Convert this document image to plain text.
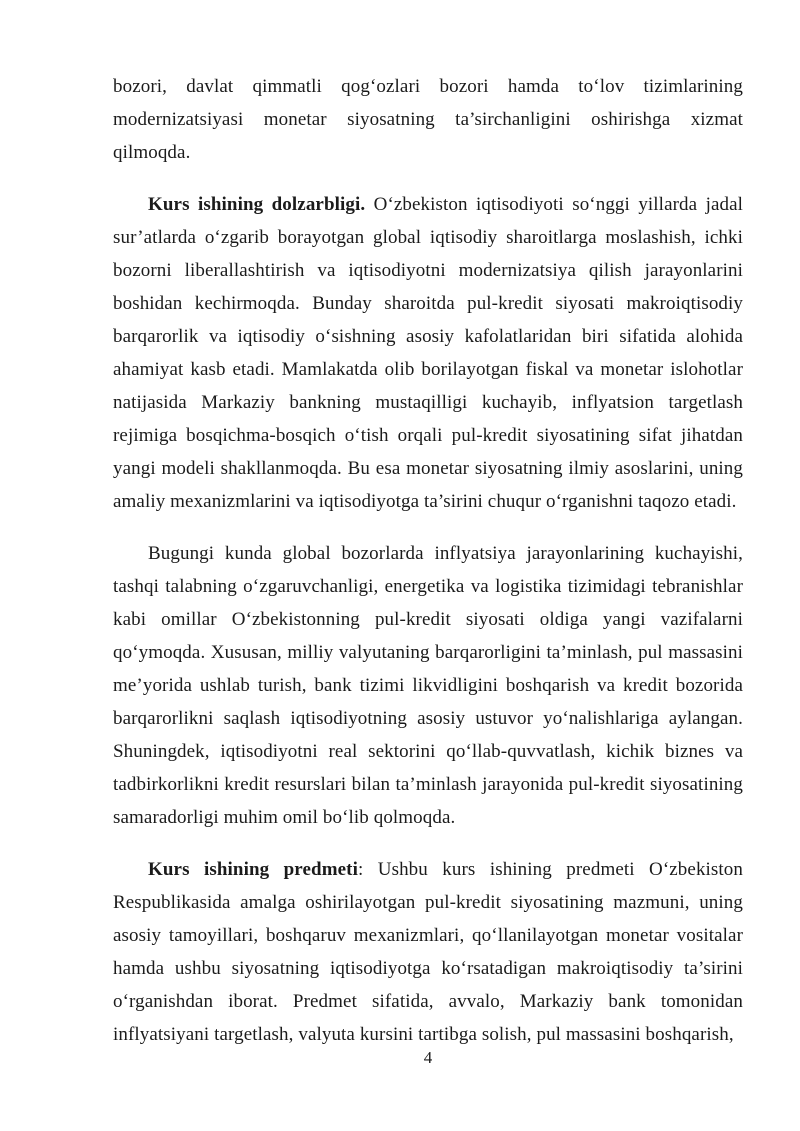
bozori, davlat qimmatli qog‘ozlari bozori hamda to‘lov tizimlarining modernizatsiyasi monetar siyosatning ta’sirchanligini oshirishga xizmat qilmoqda.

Kurs ishining dolzarbligi. O‘zbekiston iqtisodiyoti so‘nggi yillarda jadal sur’atlarda o‘zgarib borayotgan global iqtisodiy sharoitlarga moslashish, ichki bozorni liberallashtirish va iqtisodiyotni modernizatsiya qilish jarayonlarini boshidan kechirmoqda. Bunday sharoitda pul-kredit siyosati makroiqtisodiy barqarorlik va iqtisodiy o‘sishning asosiy kafolatlaridan biri sifatida alohida ahamiyat kasb etadi. Mamlakatda olib borilayotgan fiskal va monetar islohotlar natijasida Markaziy bankning mustaqilligi kuchayib, inflyatsion targetlash rejimiga bosqichma-bosqich o‘tish orqali pul-kredit siyosatining sifat jihatdan yangi modeli shakllanmoqda. Bu esa monetar siyosatning ilmiy asoslarini, uning amaliy mexanizmlarini va iqtisodiyotga ta’sirini chuqur o‘rganishni taqozo etadi.

Bugungi kunda global bozorlarda inflyatsiya jarayonlarining kuchayishi, tashqi talabning o‘zgaruvchanligi, energetika va logistika tizimidagi tebranishlar kabi omillar O‘zbekistonning pul-kredit siyosati oldiga yangi vazifalarni qo‘ymoqda. Xususan, milliy valyutaning barqarorligini ta’minlash, pul massasini me’yorida ushlab turish, bank tizimi likvidligini boshqarish va kredit bozorida barqarorlikni saqlash iqtisodiyotning asosiy ustuvor yo‘nalishlariga aylangan. Shuningdek, iqtisodiyotni real sektorini qo‘llab-quvvatlash, kichik biznes va tadbirkorlikni kredit resurslari bilan ta’minlash jarayonida pul-kredit siyosatining samaradorligi muhim omil bo‘lib qolmoqda.

Kurs ishining predmeti: Ushbu kurs ishining predmeti O‘zbekiston Respublikasida amalga oshirilayotgan pul-kredit siyosatining mazmuni, uning asosiy tamoyillari, boshqaruv mexanizmlari, qo‘llanilayotgan monetar vositalar hamda ushbu siyosatning iqtisodiyotga ko‘rsatadigan makroiqtisodiy ta’sirini o‘rganishdan iborat. Predmet sifatida, avvalo, Markaziy bank tomonidan inflyatsiyani targetlash, valyuta kursini tartibga solish, pul massasini boshqarish,

4
